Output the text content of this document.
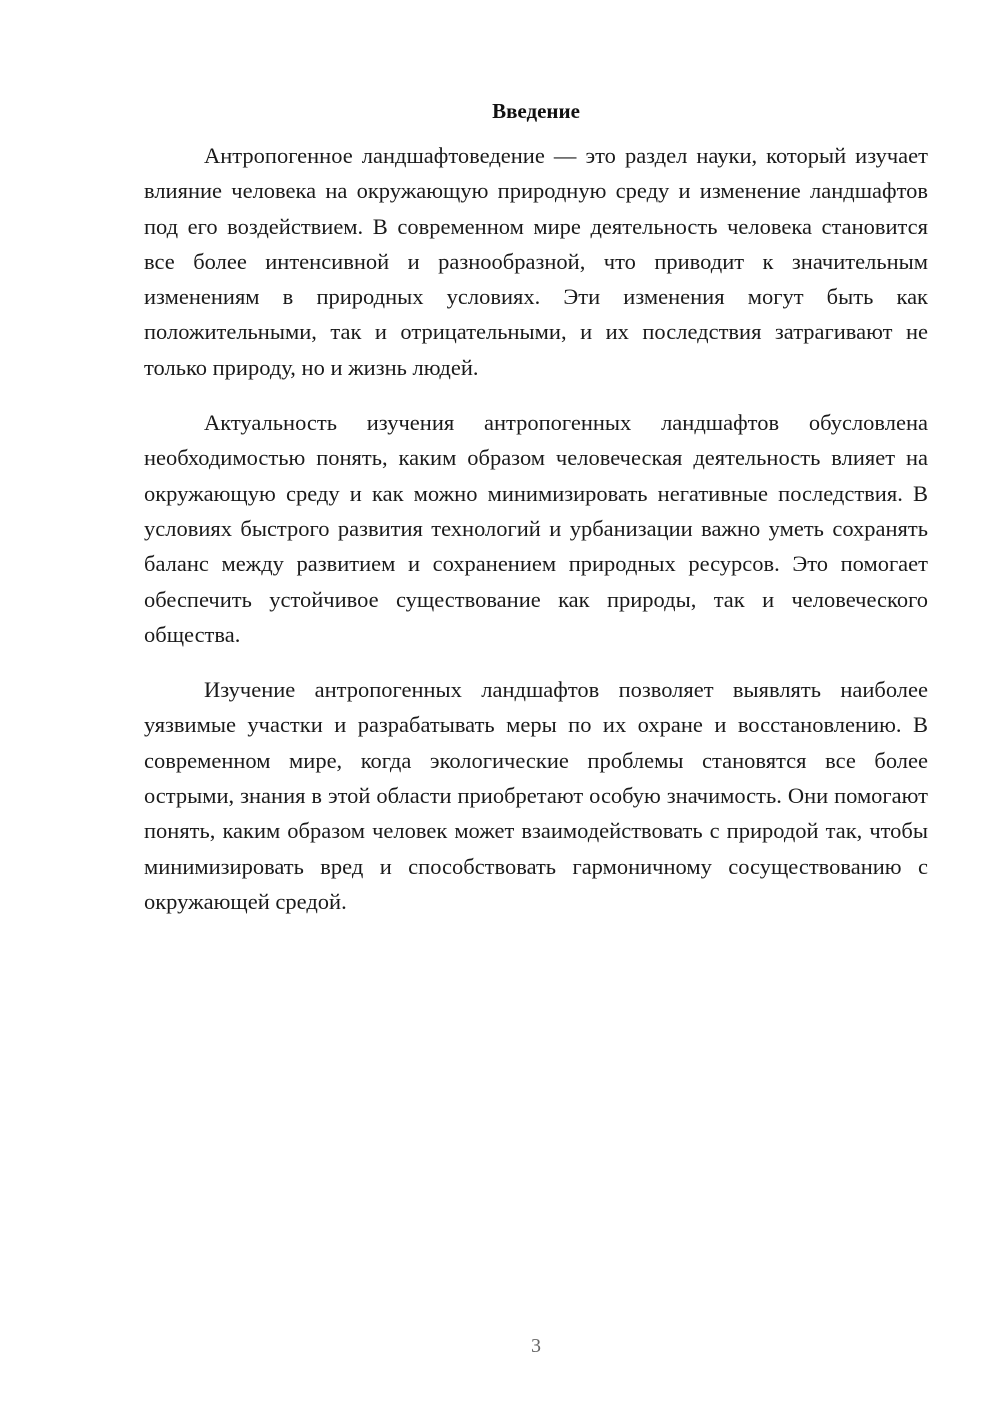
Введение

Антропогенное ландшафтоведение — это раздел науки, который изучает влияние человека на окружающую природную среду и изменение ландшафтов под его воздействием. В современном мире деятельность человека становится все более интенсивной и разнообразной, что приводит к значительным изменениям в природных условиях. Эти изменения могут быть как положительными, так и отрицательными, и их последствия затрагивают не только природу, но и жизнь людей.

Актуальность изучения антропогенных ландшафтов обусловлена необходимостью понять, каким образом человеческая деятельность влияет на окружающую среду и как можно минимизировать негативные последствия. В условиях быстрого развития технологий и урбанизации важно уметь сохранять баланс между развитием и сохранением природных ресурсов. Это помогает обеспечить устойчивое существование как природы, так и человеческого общества.

Изучение антропогенных ландшафтов позволяет выявлять наиболее уязвимые участки и разрабатывать меры по их охране и восстановлению. В современном мире, когда экологические проблемы становятся все более острыми, знания в этой области приобретают особую значимость. Они помогают понять, каким образом человек может взаимодействовать с природой так, чтобы минимизировать вред и способствовать гармоничному сосуществованию с окружающей средой.

3
